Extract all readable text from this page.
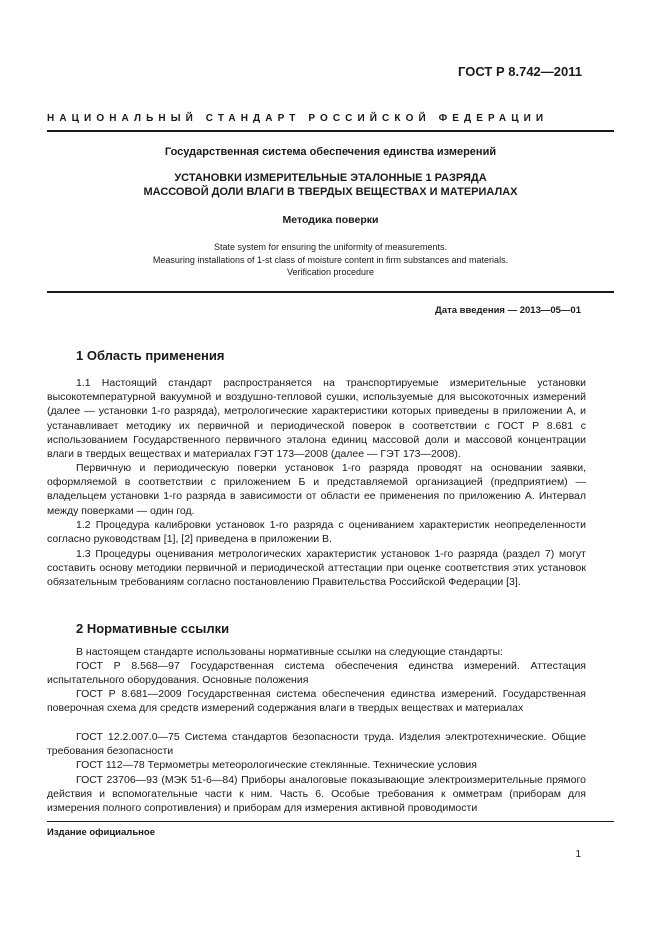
ГОСТ Р 8.742—2011
НАЦИОНАЛЬНЫЙ СТАНДАРТ РОССИЙСКОЙ ФЕДЕРАЦИИ
Государственная система обеспечения единства измерений
УСТАНОВКИ ИЗМЕРИТЕЛЬНЫЕ ЭТАЛОННЫЕ 1 РАЗРЯДА
МАССОВОЙ ДОЛИ ВЛАГИ В ТВЕРДЫХ ВЕЩЕСТВАХ И МАТЕРИАЛАХ
Методика поверки
State system for ensuring the uniformity of measurements.
Measuring installations of 1-st class of moisture content in firm substances and materials.
Verification procedure
Дата введения — 2013—05—01
1 Область применения

1.1 Настоящий стандарт распространяется на транспортируемые измерительные установки высокотемпературной вакуумной и воздушно-тепловой сушки, используемые для высокоточных измерений (далее — установки 1-го разряда), метрологические характеристики которых приведены в приложении А, и устанавливает методику их первичной и периодической поверок в соответствии с ГОСТ Р 8.681 с использованием Государственного первичного эталона единиц массовой доли и массовой концентрации влаги в твердых веществах и материалах ГЭТ 173—2008 (далее — ГЭТ 173—2008).

Первичную и периодическую поверки установок 1-го разряда проводят на основании заявки, оформляемой в соответствии с приложением Б и представляемой организацией (предприятием) — владельцем установки 1-го разряда в зависимости от области ее применения по приложению А. Интервал между поверками — один год.

1.2 Процедура калибровки установок 1-го разряда с оцениванием характеристик неопределенности согласно руководствам [1], [2] приведена в приложении В.

1.3 Процедуры оценивания метрологических характеристик установок 1-го разряда (раздел 7) могут составить основу методики первичной и периодической аттестации при оценке соответствия этих установок обязательным требованиям согласно постановлению Правительства Российской Федерации [3].

2 Нормативные ссылки

В настоящем стандарте использованы нормативные ссылки на следующие стандарты:

ГОСТ Р 8.568—97 Государственная система обеспечения единства измерений. Аттестация испытательного оборудования. Основные положения

ГОСТ Р 8.681—2009 Государственная система обеспечения единства измерений. Государственная поверочная схема для средств измерений содержания влаги в твердых веществах и материалах

ГОСТ 12.2.007.0—75 Система стандартов безопасности труда. Изделия электротехнические. Общие требования безопасности

ГОСТ 112—78 Термометры метеорологические стеклянные. Технические условия

ГОСТ 23706—93 (МЭК 51-6—84) Приборы аналоговые показывающие электроизмерительные прямого действия и вспомогательные части к ним. Часть 6. Особые требования к омметрам (приборам для измерения полного сопротивления) и приборам для измерения активной проводимости

Издание официальное
1
